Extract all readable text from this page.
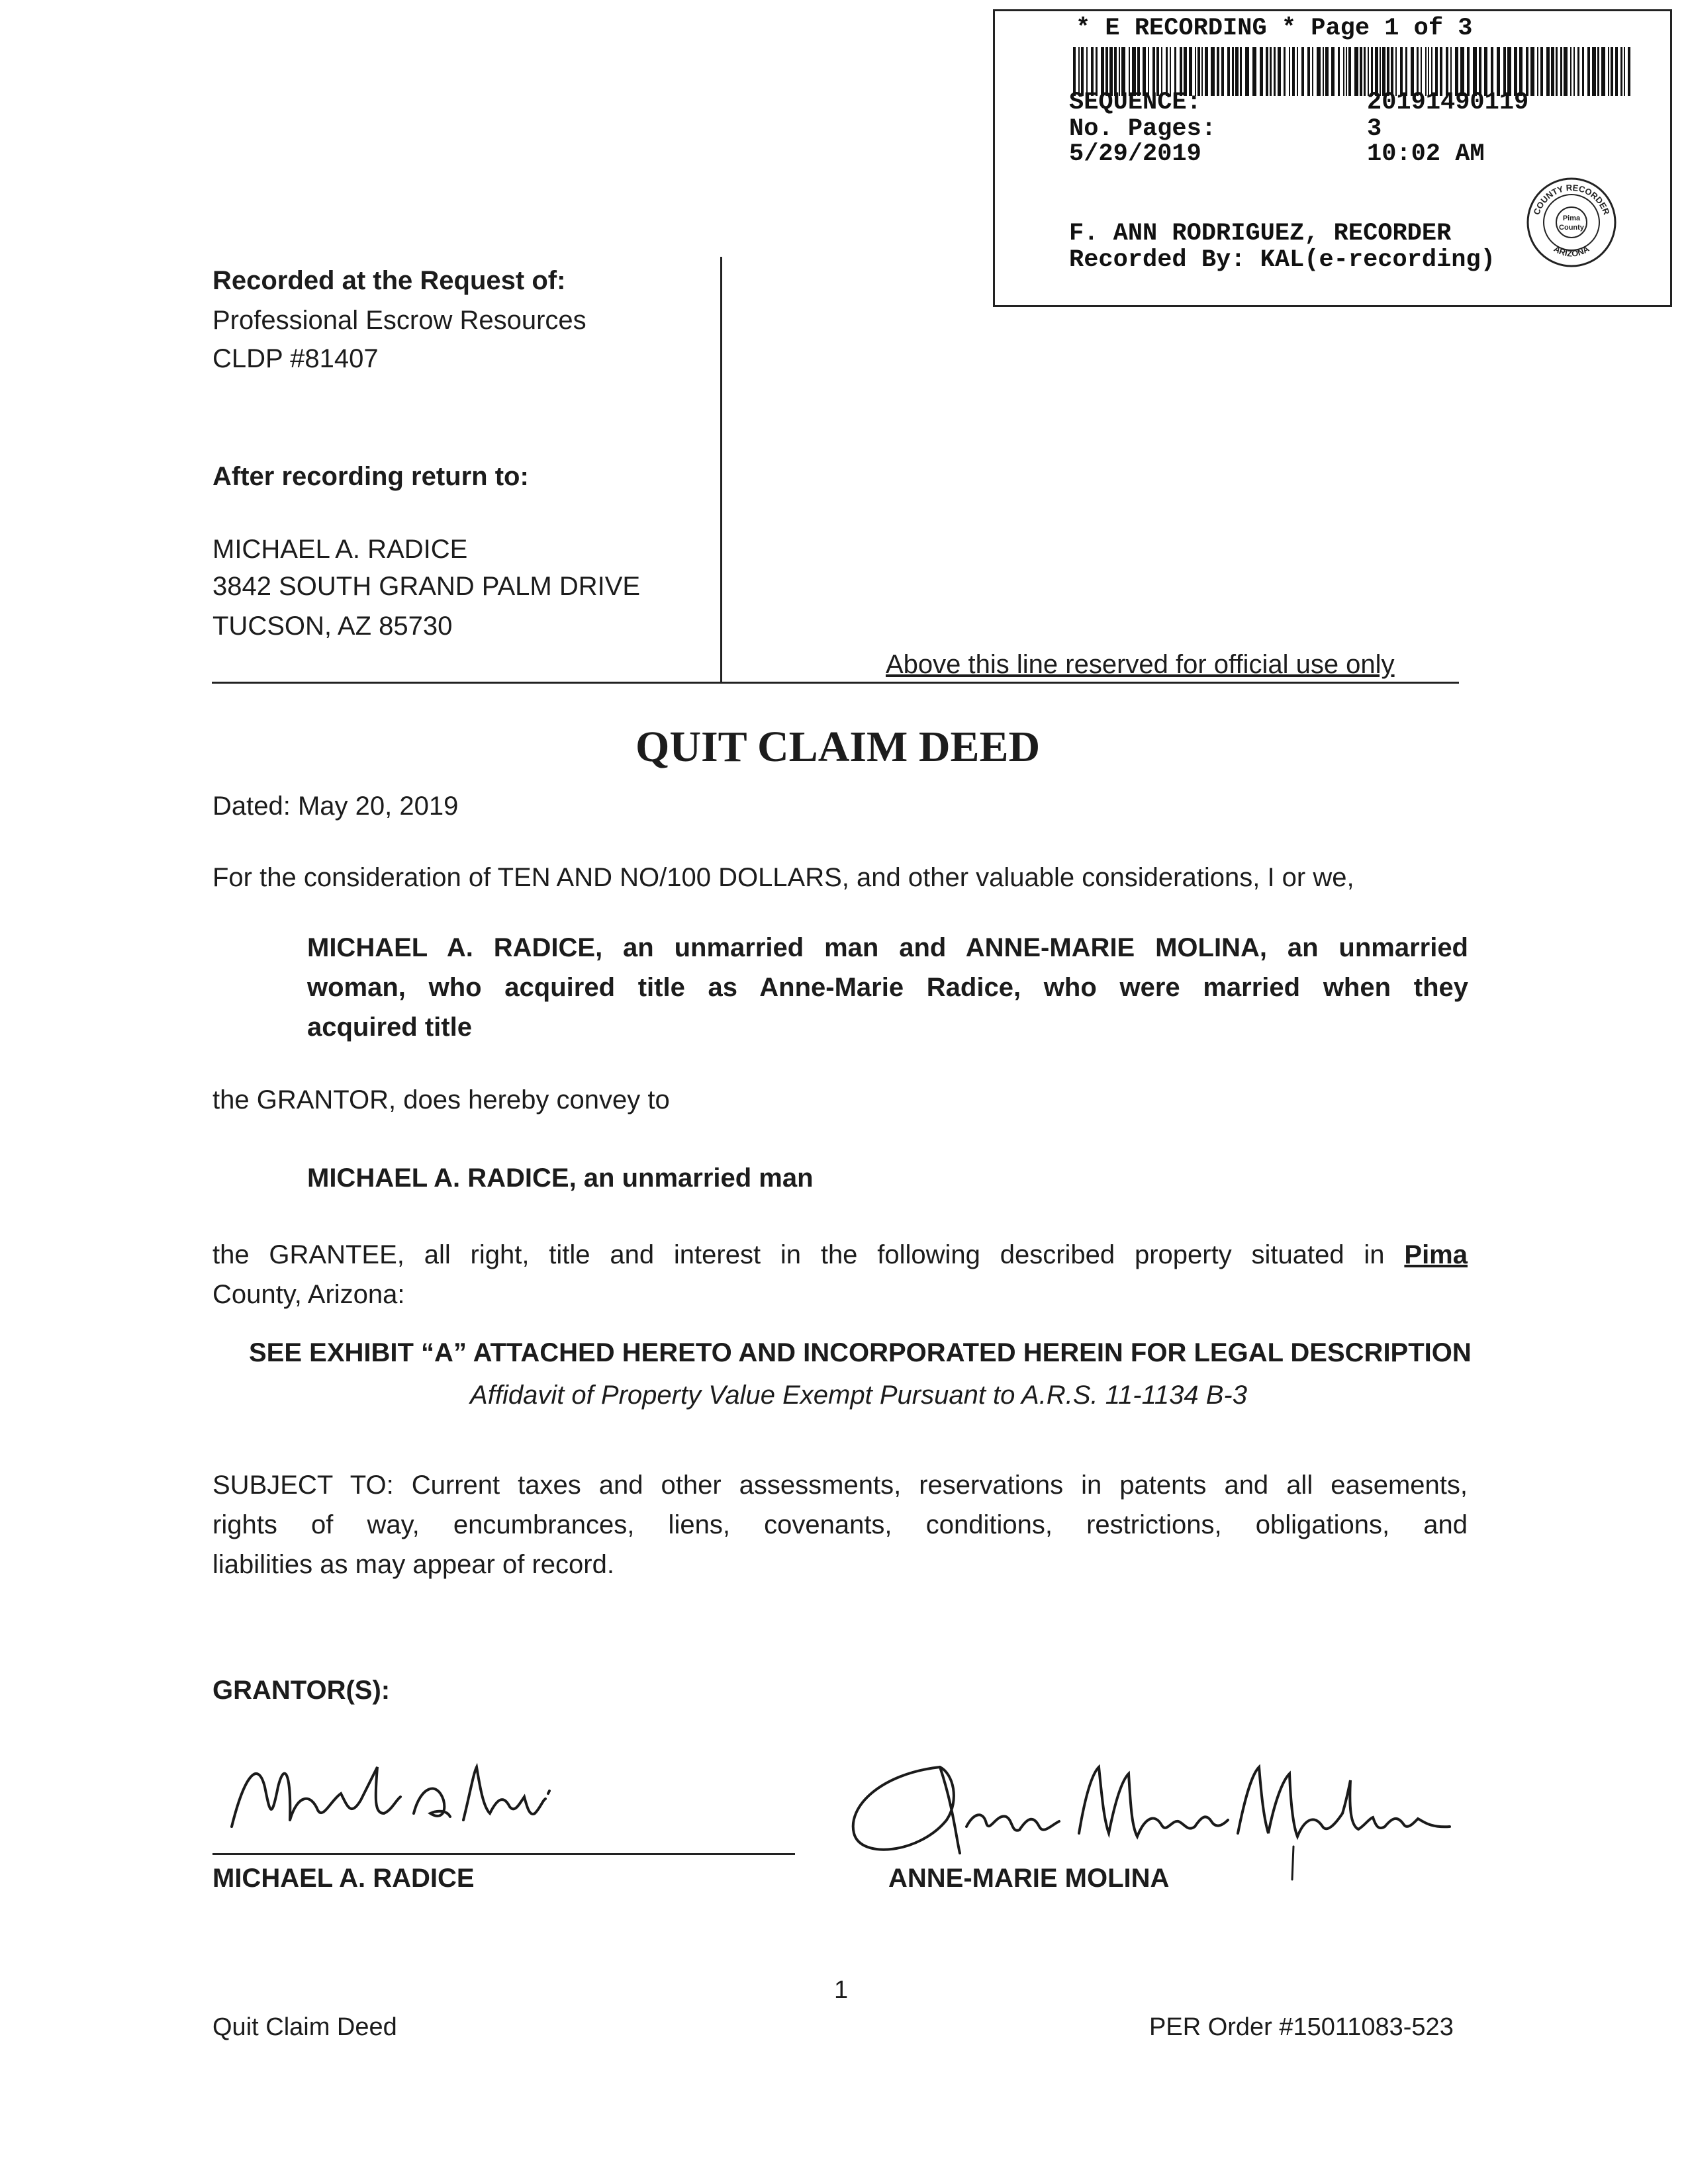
* E RECORDING * Page 1 of 3
SEQUENCE:	20191490119
No. Pages:	3
5/29/2019	10:02 AM
F. ANN RODRIGUEZ, RECORDER
Recorded By: KAL(e-recording)
COUNTY RECORDER
ARIZONA
Pima
County
Recorded at the Request of:
Professional Escrow Resources
CLDP #81407
After recording return to:
MICHAEL A. RADICE
3842 SOUTH GRAND PALM DRIVE
TUCSON, AZ 85730
Above this line reserved for official use only
QUIT CLAIM DEED
Dated: May 20, 2019
For the consideration of TEN AND NO/100 DOLLARS, and other valuable considerations, I or we,
MICHAEL A. RADICE, an unmarried man and ANNE-MARIE MOLINA, an unmarried
woman, who acquired title as Anne-Marie Radice, who were married when they
acquired title
the GRANTOR, does hereby convey to
MICHAEL A. RADICE, an unmarried man
the GRANTEE, all right, title and interest in the following described property situated in Pima
County, Arizona:
SEE EXHIBIT “A” ATTACHED HERETO AND INCORPORATED HEREIN FOR LEGAL DESCRIPTION
Affidavit of Property Value Exempt Pursuant to A.R.S. 11-1134 B-3
SUBJECT TO: Current taxes and other assessments, reservations in patents and all easements,
rights of way, encumbrances, liens, covenants, conditions, restrictions, obligations, and
liabilities as may appear of record.
GRANTOR(S):
MICHAEL A. RADICE	ANNE-MARIE MOLINA
1
Quit Claim Deed	PER Order #15011083-523
